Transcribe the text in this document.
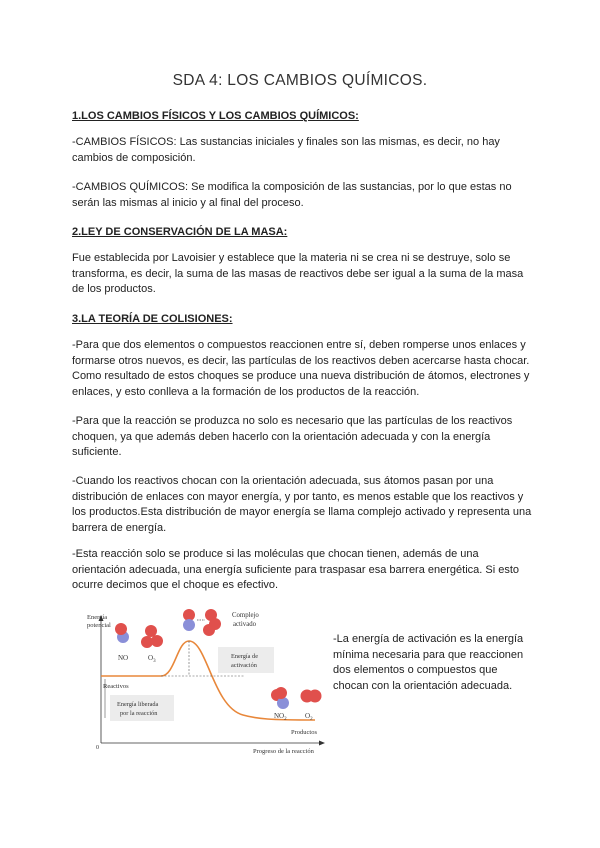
SDA 4: LOS CAMBIOS QUÍMICOS.
1.LOS CAMBIOS FÍSICOS Y LOS CAMBIOS QUÍMICOS:

-CAMBIOS FÍSICOS: Las sustancias iniciales y finales son las mismas, es decir, no hay cambios de composición.

-CAMBIOS QUÍMICOS: Se modifica la composición de las sustancias, por lo que estas no serán las mismas al inicio y al final del proceso.

2.LEY DE CONSERVACIÓN DE LA MASA:

Fue establecida por Lavoisier y establece que la materia ni se crea ni se destruye, solo se transforma, es decir, la suma de las masas de reactivos debe ser igual a la suma de la masa de los productos.

3.LA TEORÍA DE COLISIONES:

-Para que dos elementos o compuestos reaccionen entre sí, deben romperse unos enlaces y formarse otros nuevos, es decir, las partículas de los reactivos deben acercarse hasta chocar. Como resultado de estos choques se produce una nueva distribución de átomos, electrones y enlaces, y esto conlleva a la formación de los productos de la reacción.

-Para que la reacción se produzca no solo es necesario que las partículas de los reactivos choquen, ya que además deben hacerlo con la orientación adecuada y con la energía suficiente.

-Cuando los reactivos chocan con la orientación adecuada, sus átomos pasan por una distribución de enlaces con mayor energía, y por tanto, es menos estable que los reactivos y los productos.Esta distribución de mayor energía se llama complejo activado y representa una barrera de energía.

-Esta reacción solo se produce si las moléculas que chocan tienen, además de una orientación adecuada, una energía suficiente para traspasar esa barrera energética. Si esto ocurre decimos que el choque es efectivo.

Energía
potencial
0
Energía liberada
por la reacción
Energía de
activación
Reactivos
Productos
Progreso de la reacción
NO	$O_3$
Complejo
activado
$NO_2$	$O_2$

-La energía de activación es la energía mínima necesaria para que reaccionen dos elementos o compuestos que chocan con la orientación adecuada.
